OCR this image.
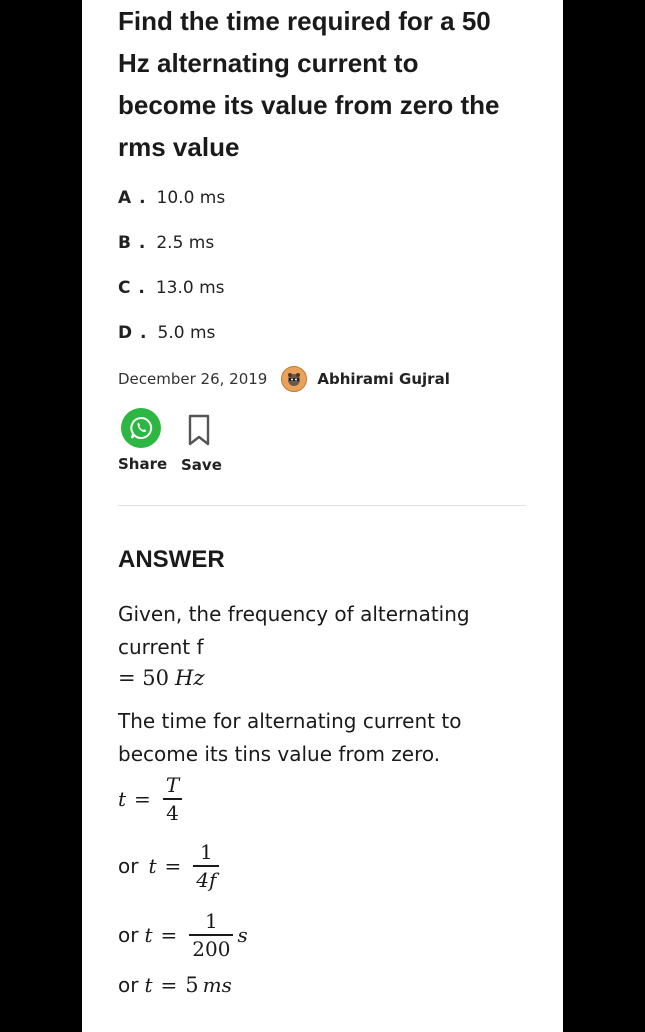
Find the time required for a 50 Hz alternating current to become its value from zero the rms value
A . 10.0 ms
B . 2.5 ms
C . 13.0 ms
D . 5.0 ms
December 26, 2019	Abhirami Gujral
Share Save
ANSWER
Given, the frequency of alternating current f
= 50 Hz
The time for alternating current to become its tins value from zero.
$t = \frac{T}{4}$
or $t = \frac{1}{4f}$
or $t = \frac{1}{200}$ s
or t = 5 ms
